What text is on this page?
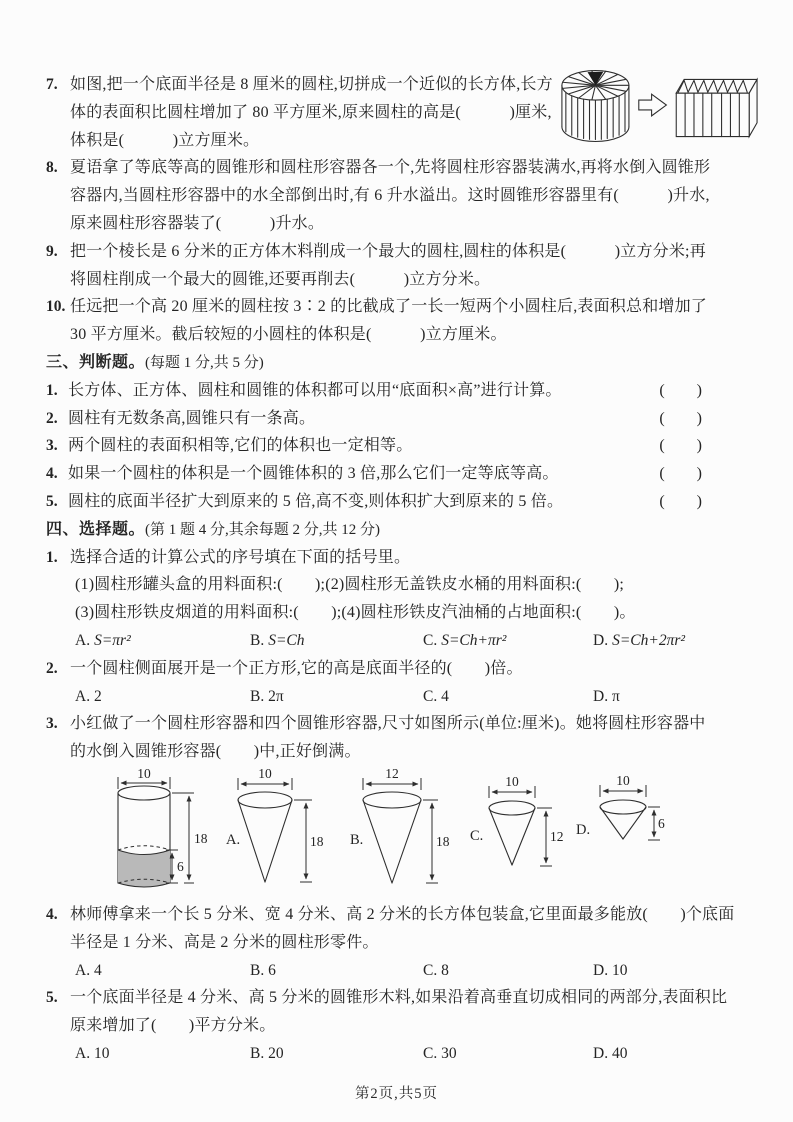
7. 如图,把一个底面半径是 8 厘米的圆柱,切拼成一个近似的长方体,长方
体的表面积比圆柱增加了 80 平方厘米,原来圆柱的高是(   )厘米,
体积是(   )立方厘米。
8. 夏语拿了等底等高的圆锥形和圆柱形容器各一个,先将圆柱形容器装满水,再将水倒入圆锥形
容器内,当圆柱形容器中的水全部倒出时,有 6 升水溢出。这时圆锥形容器里有(   )升水,
原来圆柱形容器装了(   )升水。
9. 把一个棱长是 6 分米的正方体木料削成一个最大的圆柱,圆柱的体积是(   )立方分米;再
将圆柱削成一个最大的圆锥,还要再削去(   )立方分米。
10. 任远把一个高 20 厘米的圆柱按 3∶2 的比截成了一长一短两个小圆柱后,表面积总和增加了
30 平方厘米。截后较短的小圆柱的体积是(   )立方厘米。
三、判断题。(每题 1 分,共 5 分)
1. 长方体、正方体、圆柱和圆锥的体积都可以用“底面积×高”进行计算。	(  )
2. 圆柱有无数条高,圆锥只有一条高。	(  )
3. 两个圆柱的表面积相等,它们的体积也一定相等。	(  )
4. 如果一个圆柱的体积是一个圆锥体积的 3 倍,那么它们一定等底等高。	(  )
5. 圆柱的底面半径扩大到原来的 5 倍,高不变,则体积扩大到原来的 5 倍。	(  )
四、选择题。(第 1 题 4 分,其余每题 2 分,共 12 分)
1. 选择合适的计算公式的序号填在下面的括号里。
(1)圆柱形罐头盒的用料面积:(  );(2)圆柱形无盖铁皮水桶的用料面积:(  );
(3)圆柱形铁皮烟道的用料面积:(  );(4)圆柱形铁皮汽油桶的占地面积:(  )。
A. S=πr²	B. S=Ch	C. S=Ch+πr²	D. S=Ch+2πr²
2. 一个圆柱侧面展开是一个正方形,它的高是底面半径的(  )倍。
A. 2	B. 2π	C. 4	D. π
3. 小红做了一个圆柱形容器和四个圆锥形容器,尺寸如图所示(单位:厘米)。她将圆柱形容器中
的水倒入圆锥形容器(  )中,正好倒满。
10
6
18 A.
10
18 B.
12
18 C.
10
12 D.
10
6
4. 林师傅拿来一个长 5 分米、宽 4 分米、高 2 分米的长方体包装盒,它里面最多能放(  )个底面
半径是 1 分米、高是 2 分米的圆柱形零件。
A. 4	B. 6	C. 8	D. 10
5. 一个底面半径是 4 分米、高 5 分米的圆锥形木料,如果沿着高垂直切成相同的两部分,表面积比
原来增加了(  )平方分米。
A. 10	B. 20	C. 30	D. 40
第2页,共5页
